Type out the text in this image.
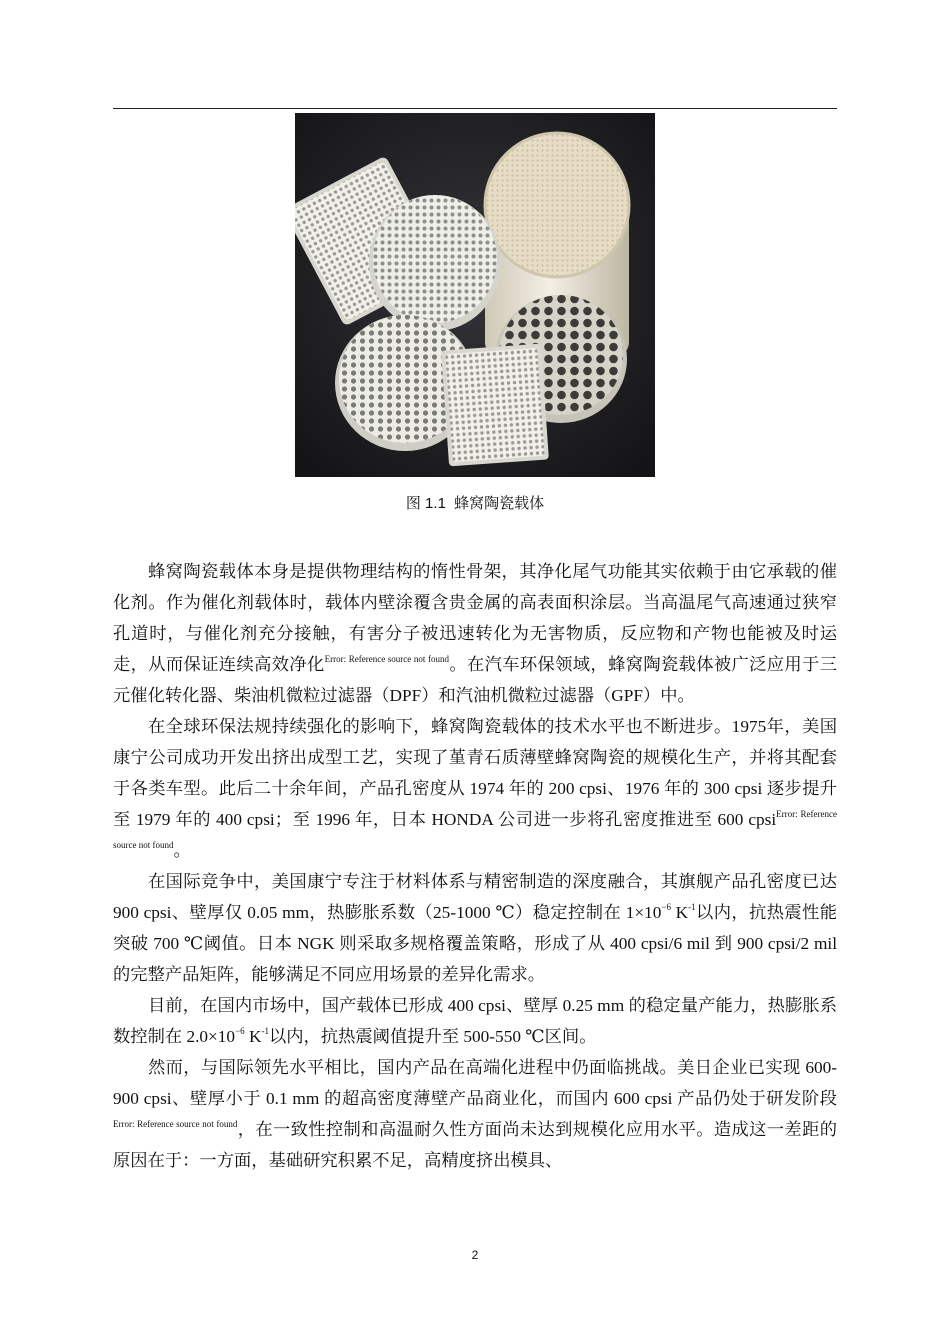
图 1.1 蜂窝陶瓷载体

蜂窝陶瓷载体本身是提供物理结构的惰性骨架，其净化尾气功能其实依赖于由它承载的催化剂。作为催化剂载体时，载体内壁涂覆含贵金属的高表面积涂层。当高温尾气高速通过狭窄孔道时，与催化剂充分接触，有害分子被迅速转化为无害物质，反应物和产物也能被及时运走，从而保证连续高效净化$^{Error: Reference source not found}$。在汽车环保领域，蜂窝陶瓷载体被广泛应用于三元催化转化器、柴油机微粒过滤器（DPF）和汽油机微粒过滤器（GPF）中。

在全球环保法规持续强化的影响下，蜂窝陶瓷载体的技术水平也不断进步。1975年，美国康宁公司成功开发出挤出成型工艺，实现了堇青石质薄壁蜂窝陶瓷的规模化生产，并将其配套于各类车型。此后二十余年间，产品孔密度从 1974 年的 200 cpsi、1976 年的 300 cpsi 逐步提升至 1979 年的 400 cpsi；至 1996 年，日本 HONDA 公司进一步将孔密度推进至 600 cpsi$^{Error: Reference source not found}$。

在国际竞争中，美国康宁专注于材料体系与精密制造的深度融合，其旗舰产品孔密度已达 900 cpsi、壁厚仅 0.05 mm，热膨胀系数（25-1000 ℃）稳定控制在 $1\times 10^{-6}$ $K^{-1}$以内，抗热震性能突破 700 ℃阈值。日本 NGK 则采取多规格覆盖策略，形成了从 400 cpsi/6 mil 到 900 cpsi/2 mil 的完整产品矩阵，能够满足不同应用场景的差异化需求。

目前，在国内市场中，国产载体已形成 400 cpsi、壁厚 0.25 mm 的稳定量产能力，热膨胀系数控制在 $2.0\times 10^{-6}$ $K^{-1}$以内，抗热震阈值提升至 500-550 ℃区间。

然而，与国际领先水平相比，国内产品在高端化进程中仍面临挑战。美日企业已实现 600-900 cpsi、壁厚小于 0.1 mm 的超高密度薄壁产品商业化，而国内 600 cpsi 产品仍处于研发阶段$^{Error: Reference source not found}$，在一致性控制和高温耐久性方面尚未达到规模化应用水平。造成这一差距的原因在于：一方面，基础研究积累不足，高精度挤出模具、

2
